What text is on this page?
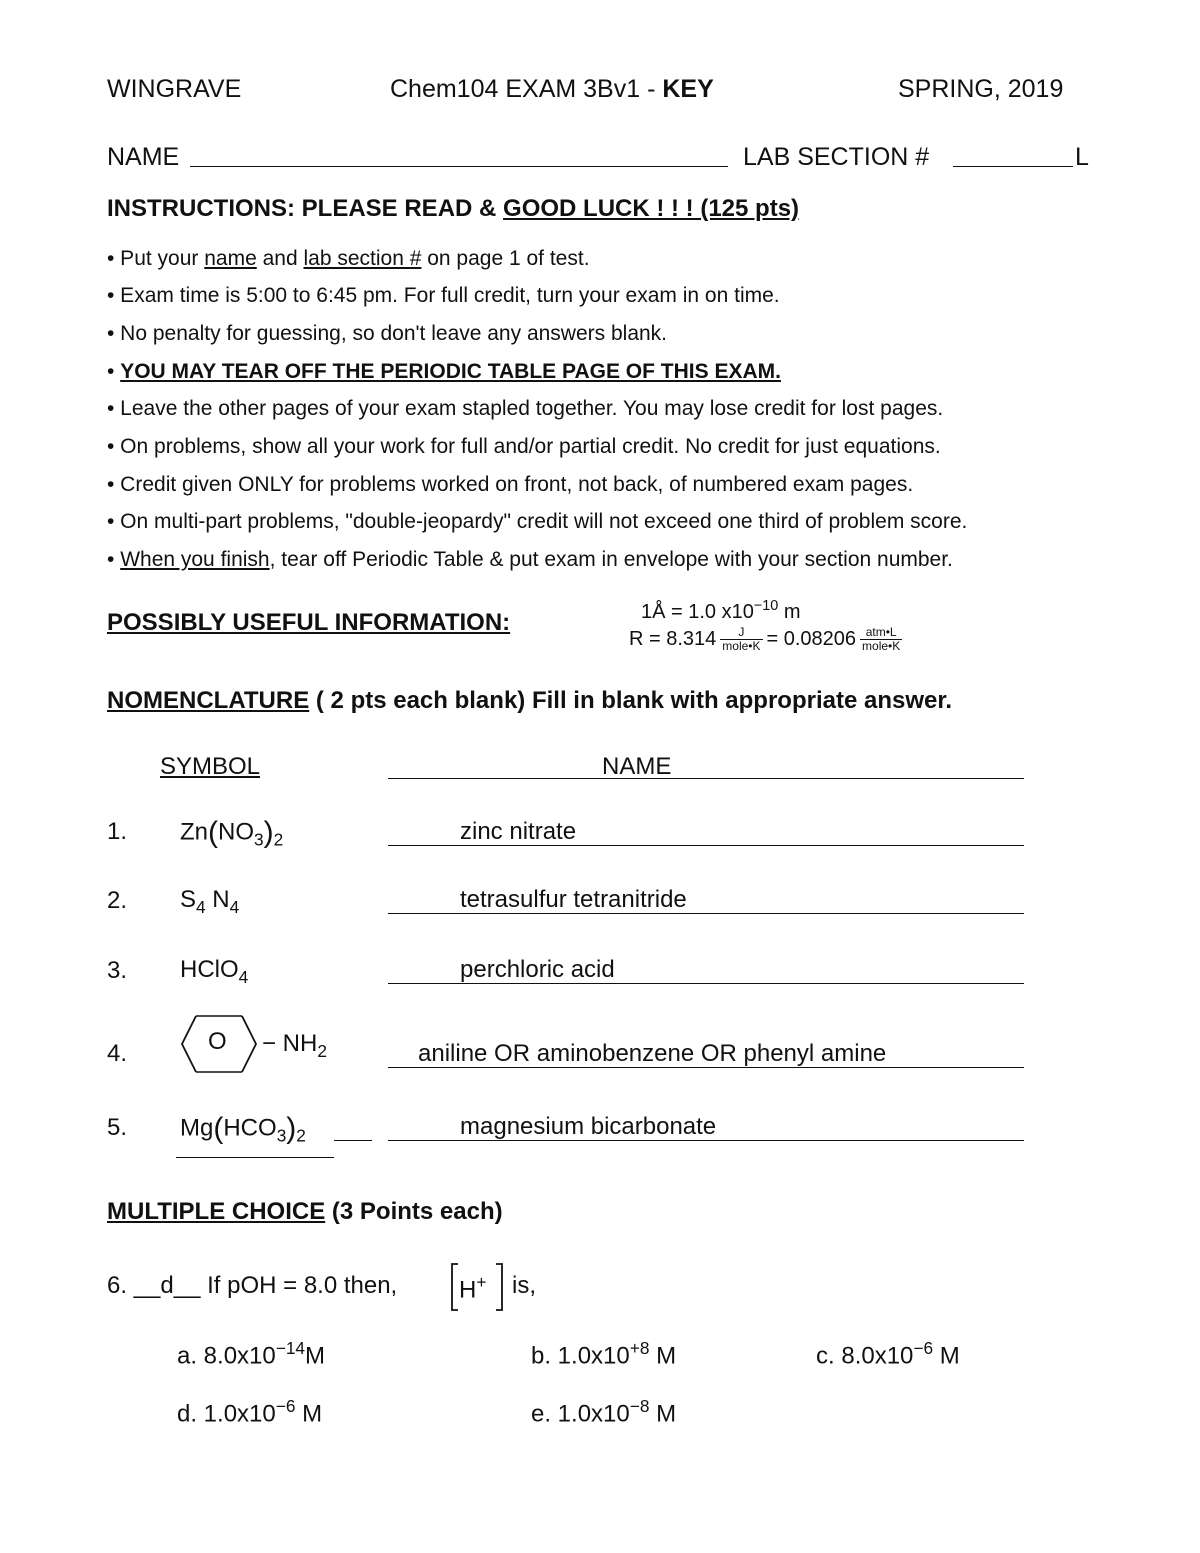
WINGRAVE	Chem104 EXAM 3Bv1 - KEY	SPRING, 2019
NAME	LAB SECTION #	L
INSTRUCTIONS: PLEASE READ & GOOD LUCK ! ! ! (125 pts)
• Put your name and lab section # on page 1 of test.
• Exam time is 5:00 to 6:45 pm. For full credit, turn your exam in on time.
• No penalty for guessing, so don't leave any answers blank.
• YOU MAY TEAR OFF THE PERIODIC TABLE PAGE OF THIS EXAM.
• Leave the other pages of your exam stapled together. You may lose credit for lost pages.
• On problems, show all your work for full and/or partial credit. No credit for just equations.
• Credit given ONLY for problems worked on front, not back, of numbered exam pages.
• On multi-part problems, "double-jeopardy" credit will not exceed one third of problem score.
• When you finish, tear off Periodic Table & put exam in envelope with your section number.
POSSIBLY USEFUL INFORMATION:	1Å = 1.0 $x10^{-10}$ m
$R = 8.314 \frac{J}{\text{mole•K}} = 0.08206 \frac{\text{atm•L}}{\text{mole•K}}$
NOMENCLATURE ( 2 pts each blank) Fill in blank with appropriate answer.
SYMBOL	NAME
1. $Zn(NO_3)_2$	zinc nitrate
2. $S_4$ $N_4$	tetrasulfur tetranitride
3. HClO$_4$	perchloric acid
4.	$O - NH_2$	aniline OR aminobenzene OR phenyl amine
5. $Mg(HCO_3)_2$	magnesium bicarbonate
MULTIPLE CHOICE (3 Points each)
6. __d__ If pOH = 8.0 then,	H+ is,
a. $8.0x10^{-14}M$	b. $1.0x10^{+8}$ M	c. $8.0x10^{-6}$ M
d. $1.0x10^{-6}$ M	e. $1.0x10^{-8}$ M
